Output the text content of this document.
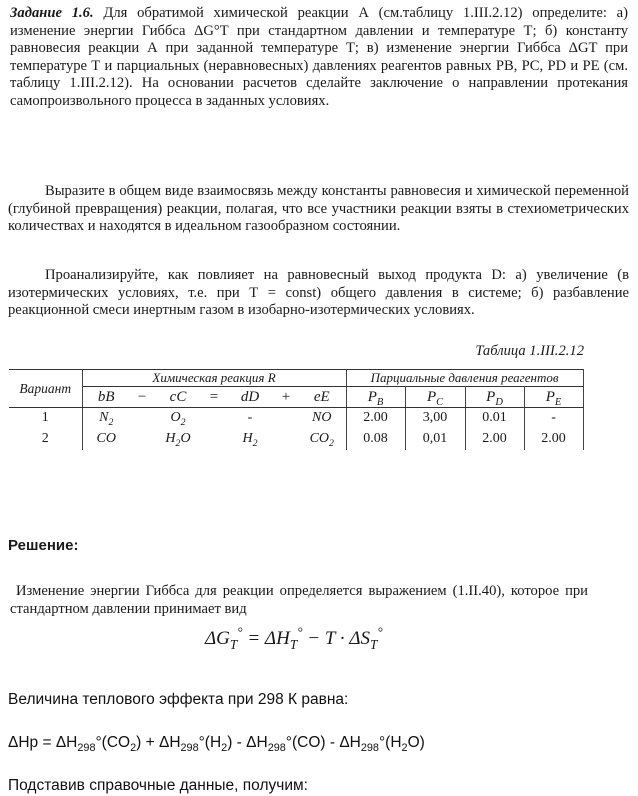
Задание 1.6. Для обратимой химической реакции А (см.таблицу 1.III.2.12) определите: а) изменение энергии Гиббса ΔG°T при стандартном давлении и температуре Т; б) константу равновесия реакции А при заданной температуре Т; в) изменение энергии Гиббса ΔGT при температуре Т и парциальных (неравновесных) давлениях реагентов равных PB, PC, PD и PE (см. таблицу 1.III.2.12). На основании расчетов сделайте заключение о направлении протекания самопроизвольного процесса в заданных условиях.
Выразите в общем виде взаимосвязь между константы равновесия и химической переменной (глубиной превращения) реакции, полагая, что все участники реакции взяты в стехиометрических количествах и находятся в идеальном газообразном состоянии.
Проанализируйте, как повлияет на равновесный выход продукта D: а) увеличение (в изотермических условиях, т.е. при Т = const) общего давления в системе; б) разбавление реакционной смеси инертным газом в изобарно-изотермических условиях.
Таблица 1.III.2.12
Вариант	Химическая реакция R							Парциальные давления реагентов			
	bB	−	cC	=	dD	+	eE	$P_B$	$P_C$	$P_D$	$P_E$
1	$N_2$		$O_2$		-		NO	2.00	3,00	0.01	-
2	CO		$H_2O$		$H_2$		$CO_2$	0.08	0,01	2.00	2.00
Решение:
Изменение энергии Гиббса для реакции определяется выражением (1.II.40), которое при стандартном давлении принимает вид
$\Delta G_T^\circ = \Delta H_T^\circ - T \cdot \Delta S_T^\circ$
Величина теплового эффекта при 298 К равна:
$\Delta Hр = \Delta H_{298}^\circ(CO_2) + \Delta H_{298}^\circ(H_2) - \Delta H_{298}^\circ(CO) - \Delta H_{298}^\circ(H_2O)$
Подставив справочные данные, получим:
